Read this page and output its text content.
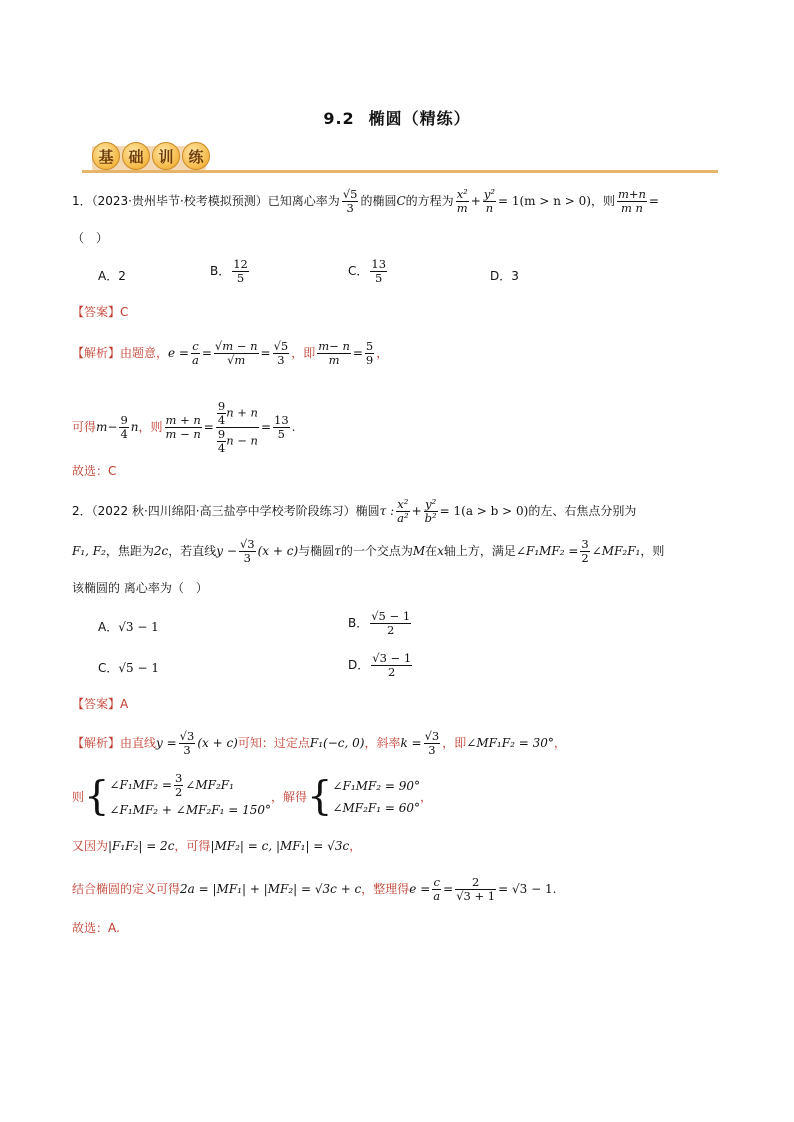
9.2 椭圆（精练）
基 础 训 练
1．（2023·贵州毕节·校考模拟预测）已知离心率为 $\frac{√5}{3}$ 的椭圆C的方程为 $\frac{\text{x²}}{m} + \frac{\text{y²}}{n} = 1(m > n > 0)$，则 $\frac{m+n}{\text{m n}}$ =
（　）
A．2	B． $\frac{12}{5}$	C． $\frac{13}{5}$	D．3
【答案】C
【解析】由题意，$e = \frac{c}{a} = \frac{√m - n}{√m} = \frac{√5}{3}$ ，即 $\frac{m- n}{m} = \frac{5}{9}$ ，
可得$m- \frac{9}{4}$ n，则 $\frac{m + n}{m - n} = \frac{\frac{9}{4} n + n}{\frac{9}{4} n - n} = \frac{13}{5}$ .
故选：C
2．（2022 秋·四川绵阳·高三盐亭中学校考阶段练习）椭圆τ : $\frac{\text{x²}}{\text{a²}} + \frac{\text{y²}}{\text{b²}} = 1(a > b > 0)$的左、右焦点分别为
F₁, F₂，焦距为2c，若直线$y - \frac{√3}{3} (x + c)$与椭圆τ的一个交点为M在x轴上方，满足∠F₁MF₂ = $\frac{3}{2}$ ∠MF₂F₁，则
该椭圆的 离心率为（　）
A．√3 − 1	B． $\frac{√5 - 1}{2}$
C．√5 − 1	D． $\frac{√3 - 1}{2}$
【答案】A
【解析】由直线$y = \frac{√3}{3} (x + c)$可知：过定点F₁(−c, 0)，斜率$k = \frac{√3}{3}$ ，即∠MF₁F₂ = 30°，
则{ ∠F₁MF₂ = $\frac{3}{2}$ ∠MF₂F₁
∠F₁MF₂ + ∠MF₂F₁ = 150°
，解得{ ∠F₁MF₂ = 90°
∠MF₂F₁ = 60°
，
又因为|F₁F₂| = 2c，可得|MF₂| = c, |MF₁| = √3c，
结合椭圆的定义可得2a = |MF₁| + |MF₂| = √3c + c，整理得$e = \frac{c}{a} = \frac{2}{√3 + 1} = √3 - 1$.
故选：A.
